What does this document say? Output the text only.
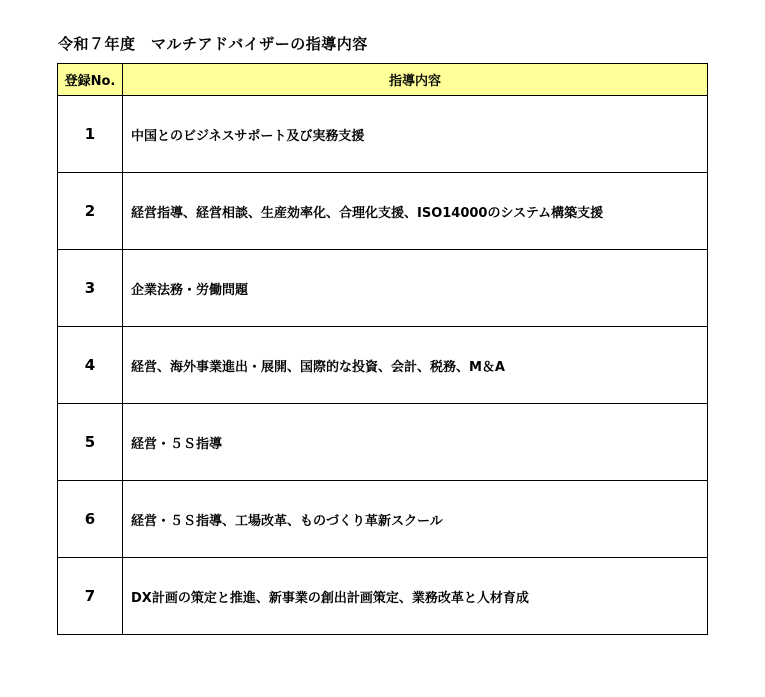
令和７年度　マルチアドバイザーの指導内容
登録No.	指導内容
1	中国とのビジネスサポート及び実務支援
2	経営指導、経営相談、生産効率化、合理化支援、ISO14000のシステム構築支援
3	企業法務・労働問題
4	経営、海外事業進出・展開、国際的な投資、会計、税務、M＆A
5	経営・５Ｓ指導
6	経営・５Ｓ指導、工場改革、ものづくり革新スクール
7	DX計画の策定と推進、新事業の創出計画策定、業務改革と人材育成
